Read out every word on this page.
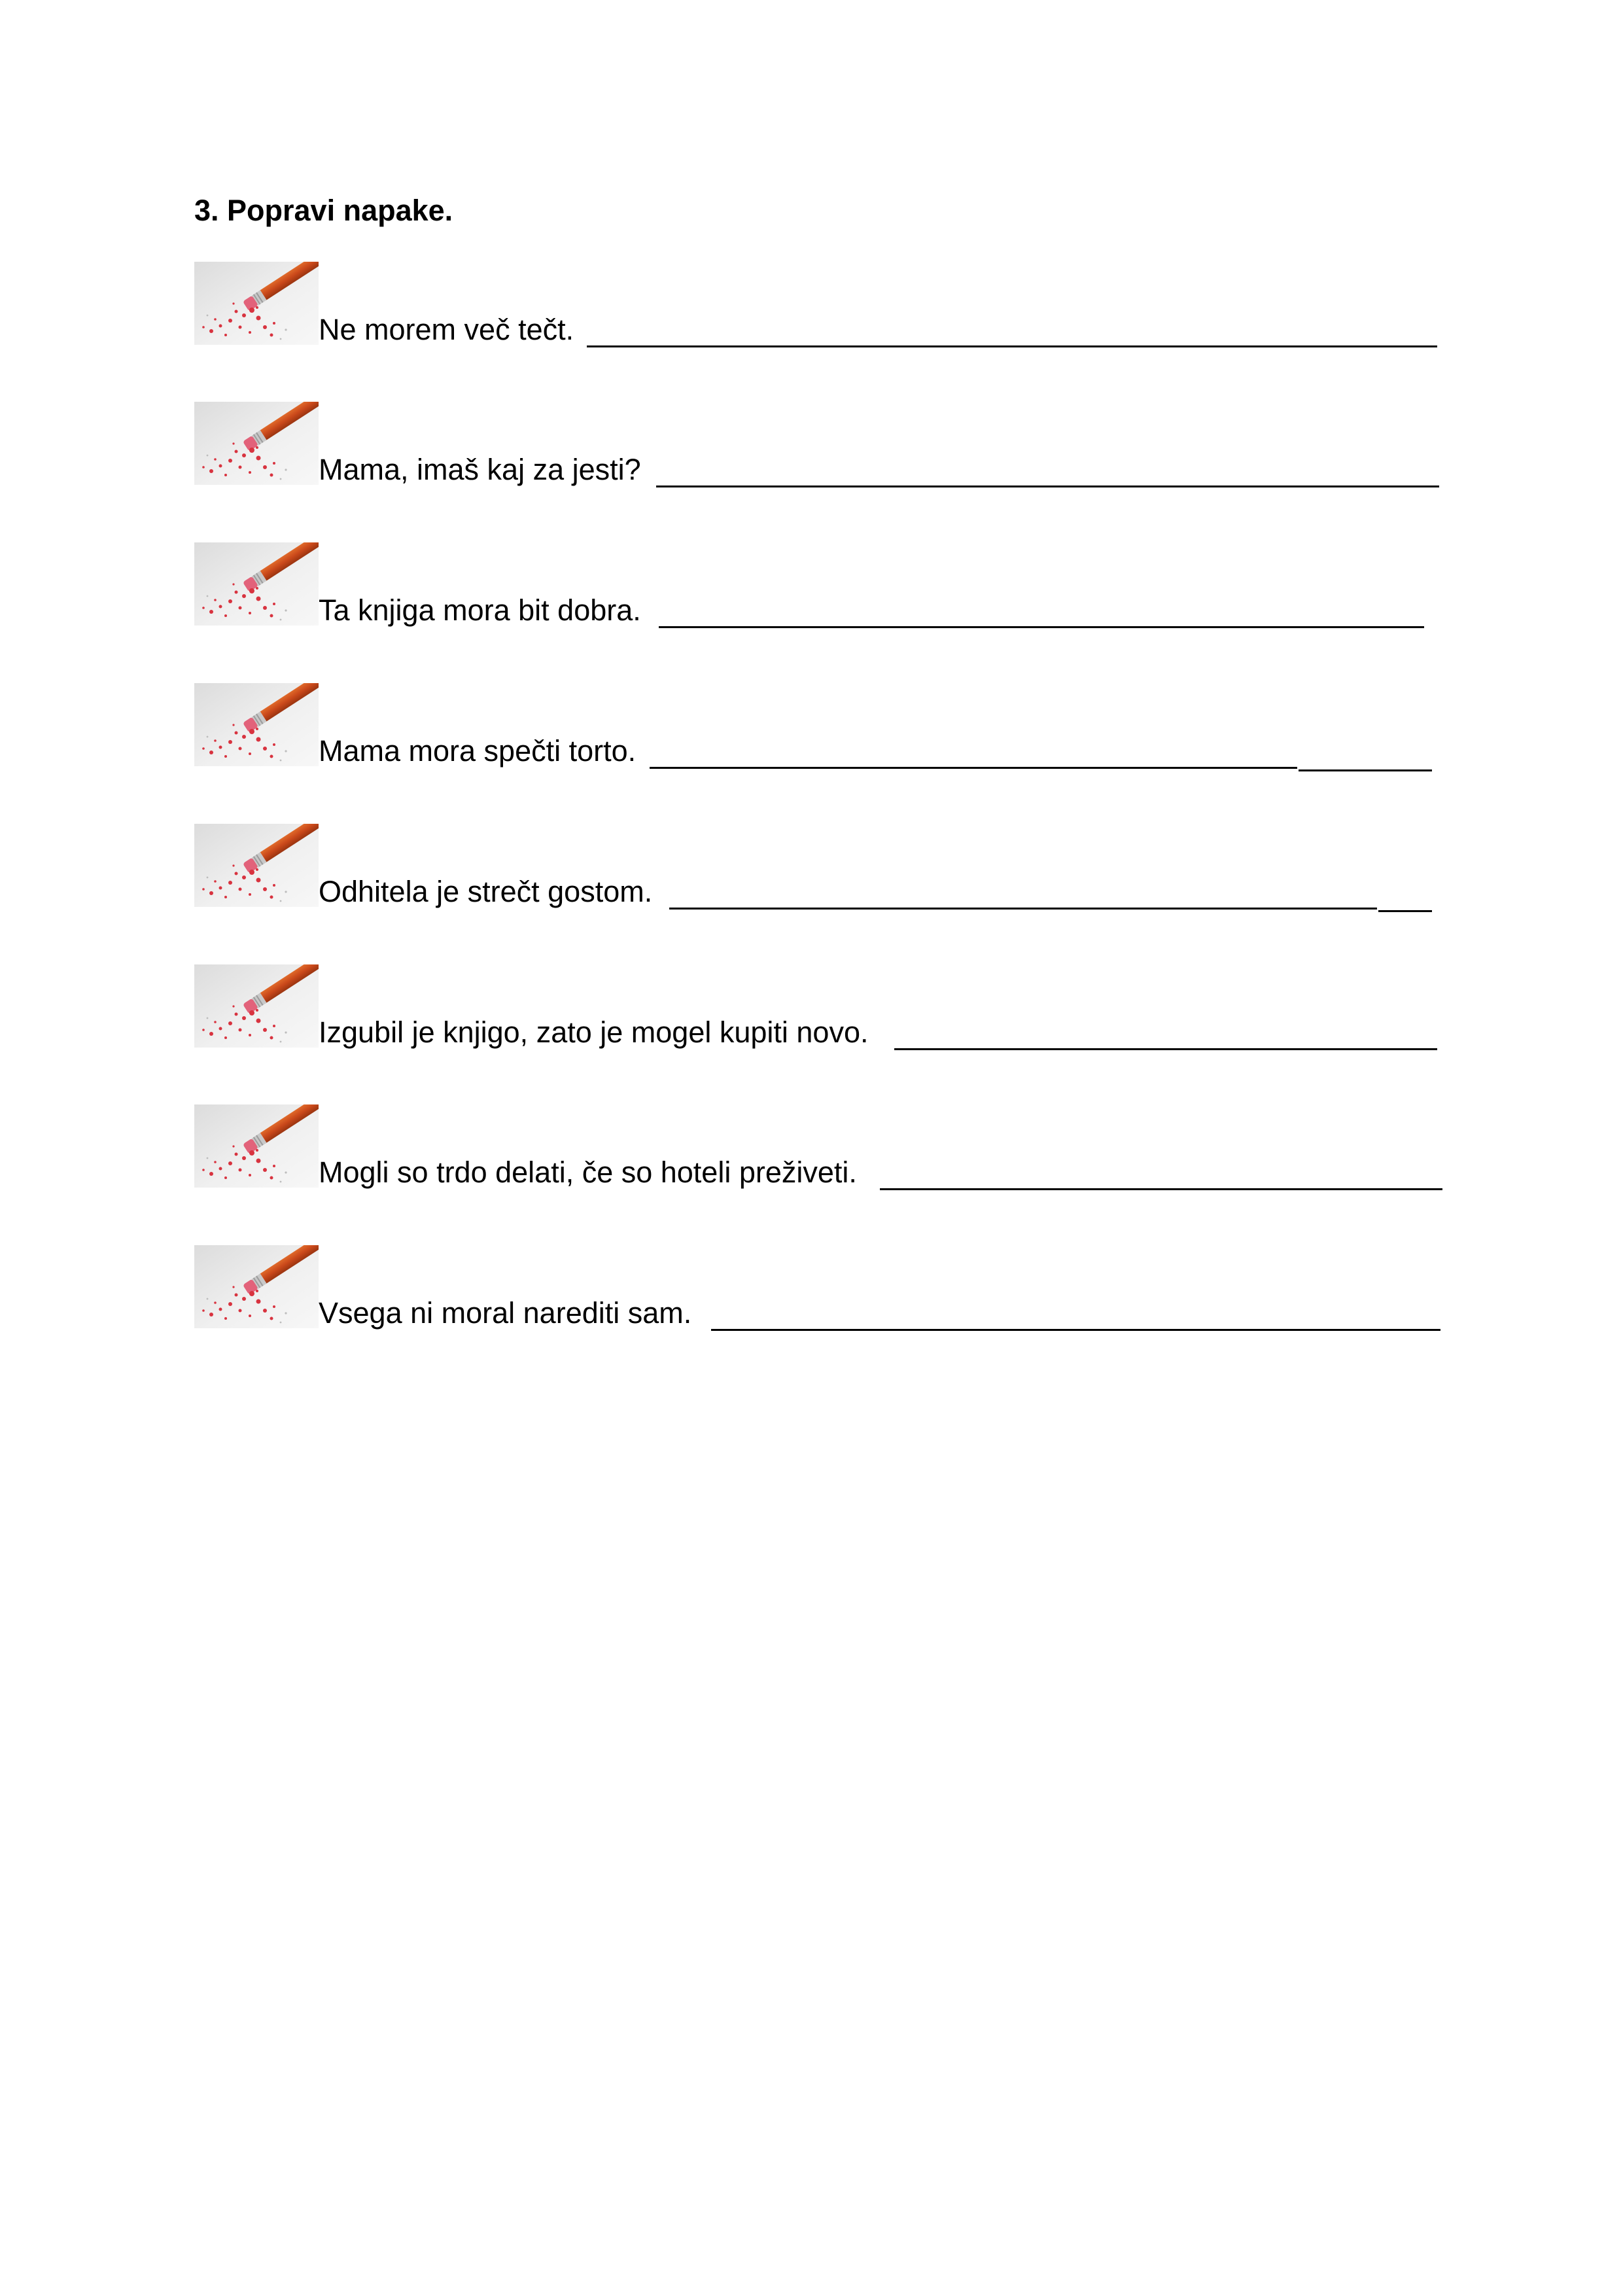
3. Popravi napake.
Ne morem več tečt.
Mama, imaš kaj za jesti?
Ta knjiga mora bit dobra.
Mama mora spečti torto.
Odhitela je strečt gostom.
Izgubil je knjigo, zato je mogel kupiti novo.
Mogli so trdo delati, če so hoteli preživeti.
Vsega ni moral narediti sam.
